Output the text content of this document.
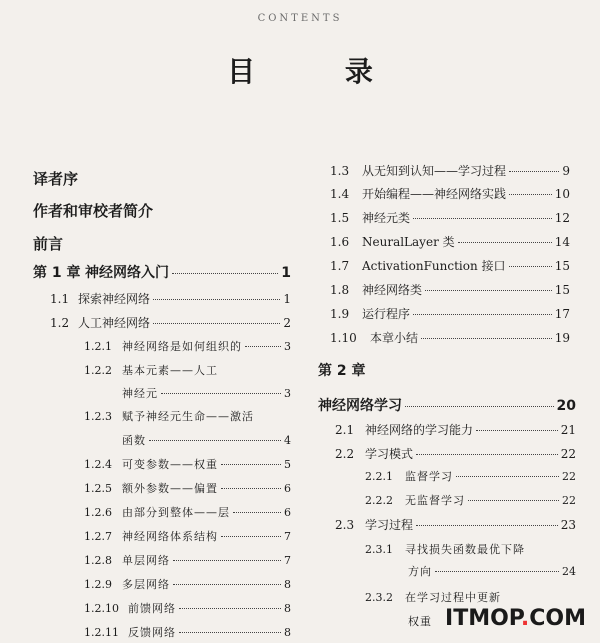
CONTENTS
目 录
译者序
作者和审校者简介
前言
第 1 章 神经网络入门	1
1.1 探索神经网络	1
1.2 人工神经网络	2
1.2.1 神经网络是如何组织的	3
1.2.2 基本元素——人工
神经元	3
1.2.3 赋予神经元生命——激活
函数	4
1.2.4 可变参数——权重	5
1.2.5 额外参数——偏置	6
1.2.6 由部分到整体——层	6
1.2.7 神经网络体系结构	7
1.2.8 单层网络	7
1.2.9 多层网络	8
1.2.10 前馈网络	8
1.2.11 反馈网络	8
1.3	从无知到认知——学习过程	9
1.4	开始编程——神经网络实践	10
1.5	神经元类	12
1.6	NeuralLayer 类	14
1.7	ActivationFunction 接口	15
1.8	神经网络类	15
1.9	运行程序	17
1.10	本章小结	19
第 2 章
神经网络学习	20
2.1 神经网络的学习能力	21
2.2 学习模式	22
2.2.1	监督学习	22
2.2.2	无监督学习	22
2.3 学习过程	23
2.3.1	寻找损失函数最优下降
方向	24
2.3.2	在学习过程中更新
权重 ITMOP.COM
